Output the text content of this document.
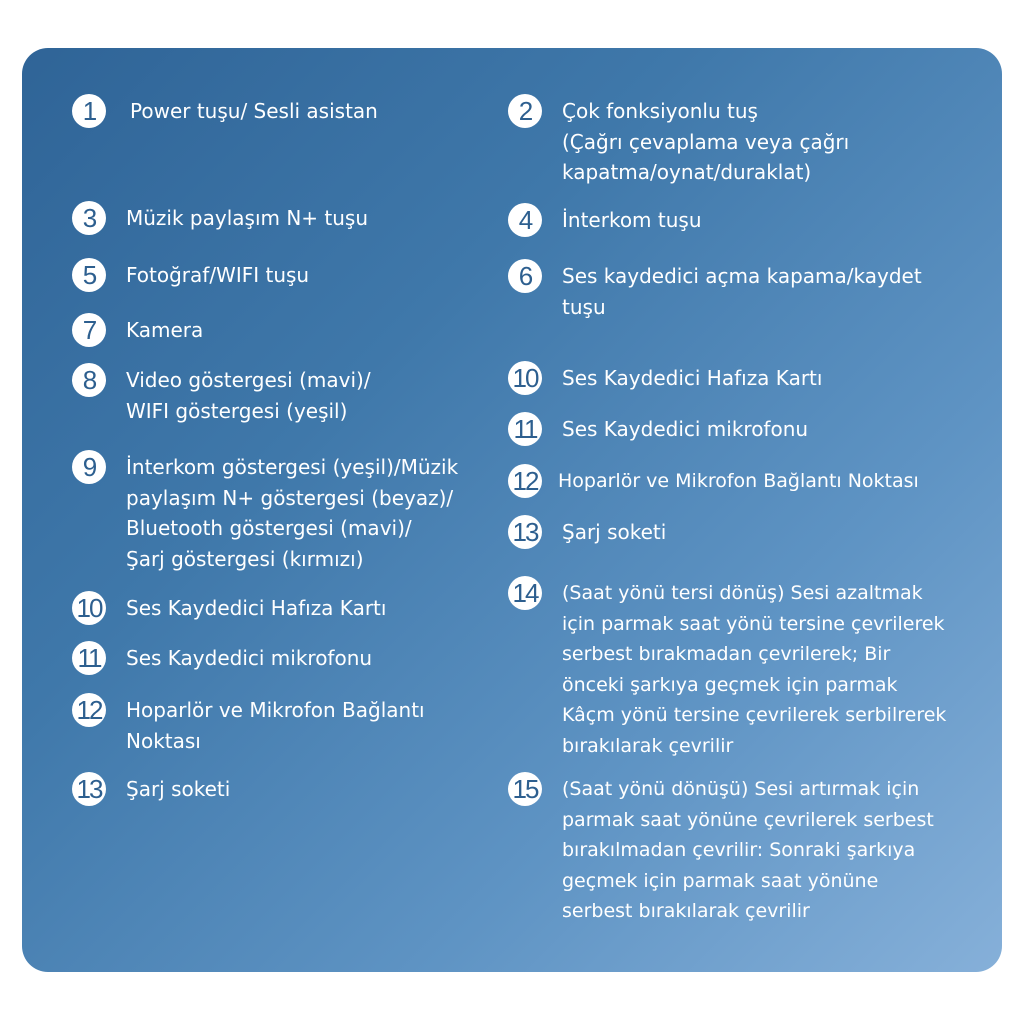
1	Power tuşu/ Sesli asistan
3	Müzik paylaşım N+ tuşu
5	Fotoğraf/WIFI tuşu
7	Kamera
8	Video göstergesi (mavi)/
WIFI göstergesi (yeşil)
9	İnterkom göstergesi (yeşil)/Müzik
paylaşım N+ göstergesi (beyaz)/
Bluetooth göstergesi (mavi)/
Şarj göstergesi (kırmızı)
10 Ses Kaydedici Hafıza Kartı
11 Ses Kaydedici mikrofonu
12 Hoparlör ve Mikrofon Bağlantı
Noktası
13 Şarj soketi
2	Çok fonksiyonlu tuş
(Çağrı çevaplama veya çağrı
kapatma/oynat/duraklat)
4	İnterkom tuşu
6	Ses kaydedici açma kapama/kaydet
tuşu
10 Ses Kaydedici Hafıza Kartı
11 Ses Kaydedici mikrofonu
12 Hoparlör ve Mikrofon Bağlantı Noktası
13 Şarj soketi
14 (Saat yönü tersi dönüş) Sesi azaltmak
için parmak saat yönü tersine çevrilerek
serbest bırakmadan çevrilerek; Bir
önceki şarkıya geçmek için parmak
Kâçm yönü tersine çevrilerek serbilrerek
bırakılarak çevrilir
15 (Saat yönü dönüşü) Sesi artırmak için
parmak saat yönüne çevrilerek serbest
bırakılmadan çevrilir: Sonraki şarkıya
geçmek için parmak saat yönüne
serbest bırakılarak çevrilir
